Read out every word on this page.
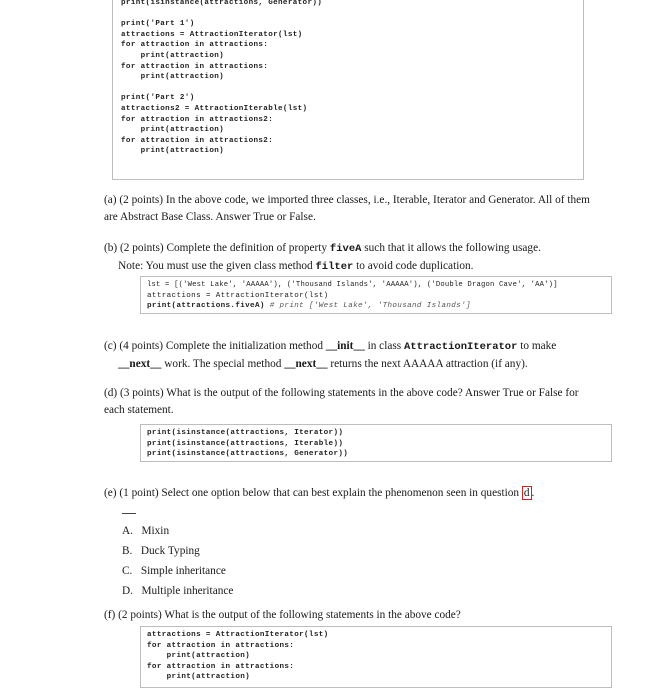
print(isinstance(attractions, Generator))
print('Part 1')
attractions = AttractionIterator(lst)
for attraction in attractions:
print(attraction)
for attraction in attractions:
print(attraction)
print('Part 2')
attractions2 = AttractionIterable(lst)
for attraction in attractions2:
print(attraction)
for attraction in attractions2:
print(attraction)
(a) (2 points) In the above code, we imported three classes, i.e., Iterable, Iterator and Generator. All of them are Abstract Base Class. Answer True or False.
(b) (2 points) Complete the definition of property fiveA such that it allows the following usage.
Note: You must use the given class method filter to avoid code duplication.
lst = [('West Lake', 'AAAAA'), ('Thousand Islands', 'AAAAA'), ('Double Dragon Cave', 'AA')]
attractions = AttractionIterator(lst)
print(attractions.fiveA) # print ['West Lake', 'Thousand Islands']
(c) (4 points) Complete the initialization method __init__ in class AttractionIterator to make
__next__ work. The special method __next__ returns the next AAAAA attraction (if any).
(d) (3 points) What is the output of the following statements in the above code? Answer True or False for each statement.
print(isinstance(attractions, Iterator))
print(isinstance(attractions, Iterable))
print(isinstance(attractions, Generator))
(e) (1 point) Select one option below that can best explain the phenomenon seen in question d .
A. Mixin
B. Duck Typing
C. Simple inheritance
D. Multiple inheritance
(f) (2 points) What is the output of the following statements in the above code?
attractions = AttractionIterator(lst)
for attraction in attractions:
print(attraction)
for attraction in attractions:
print(attraction)
